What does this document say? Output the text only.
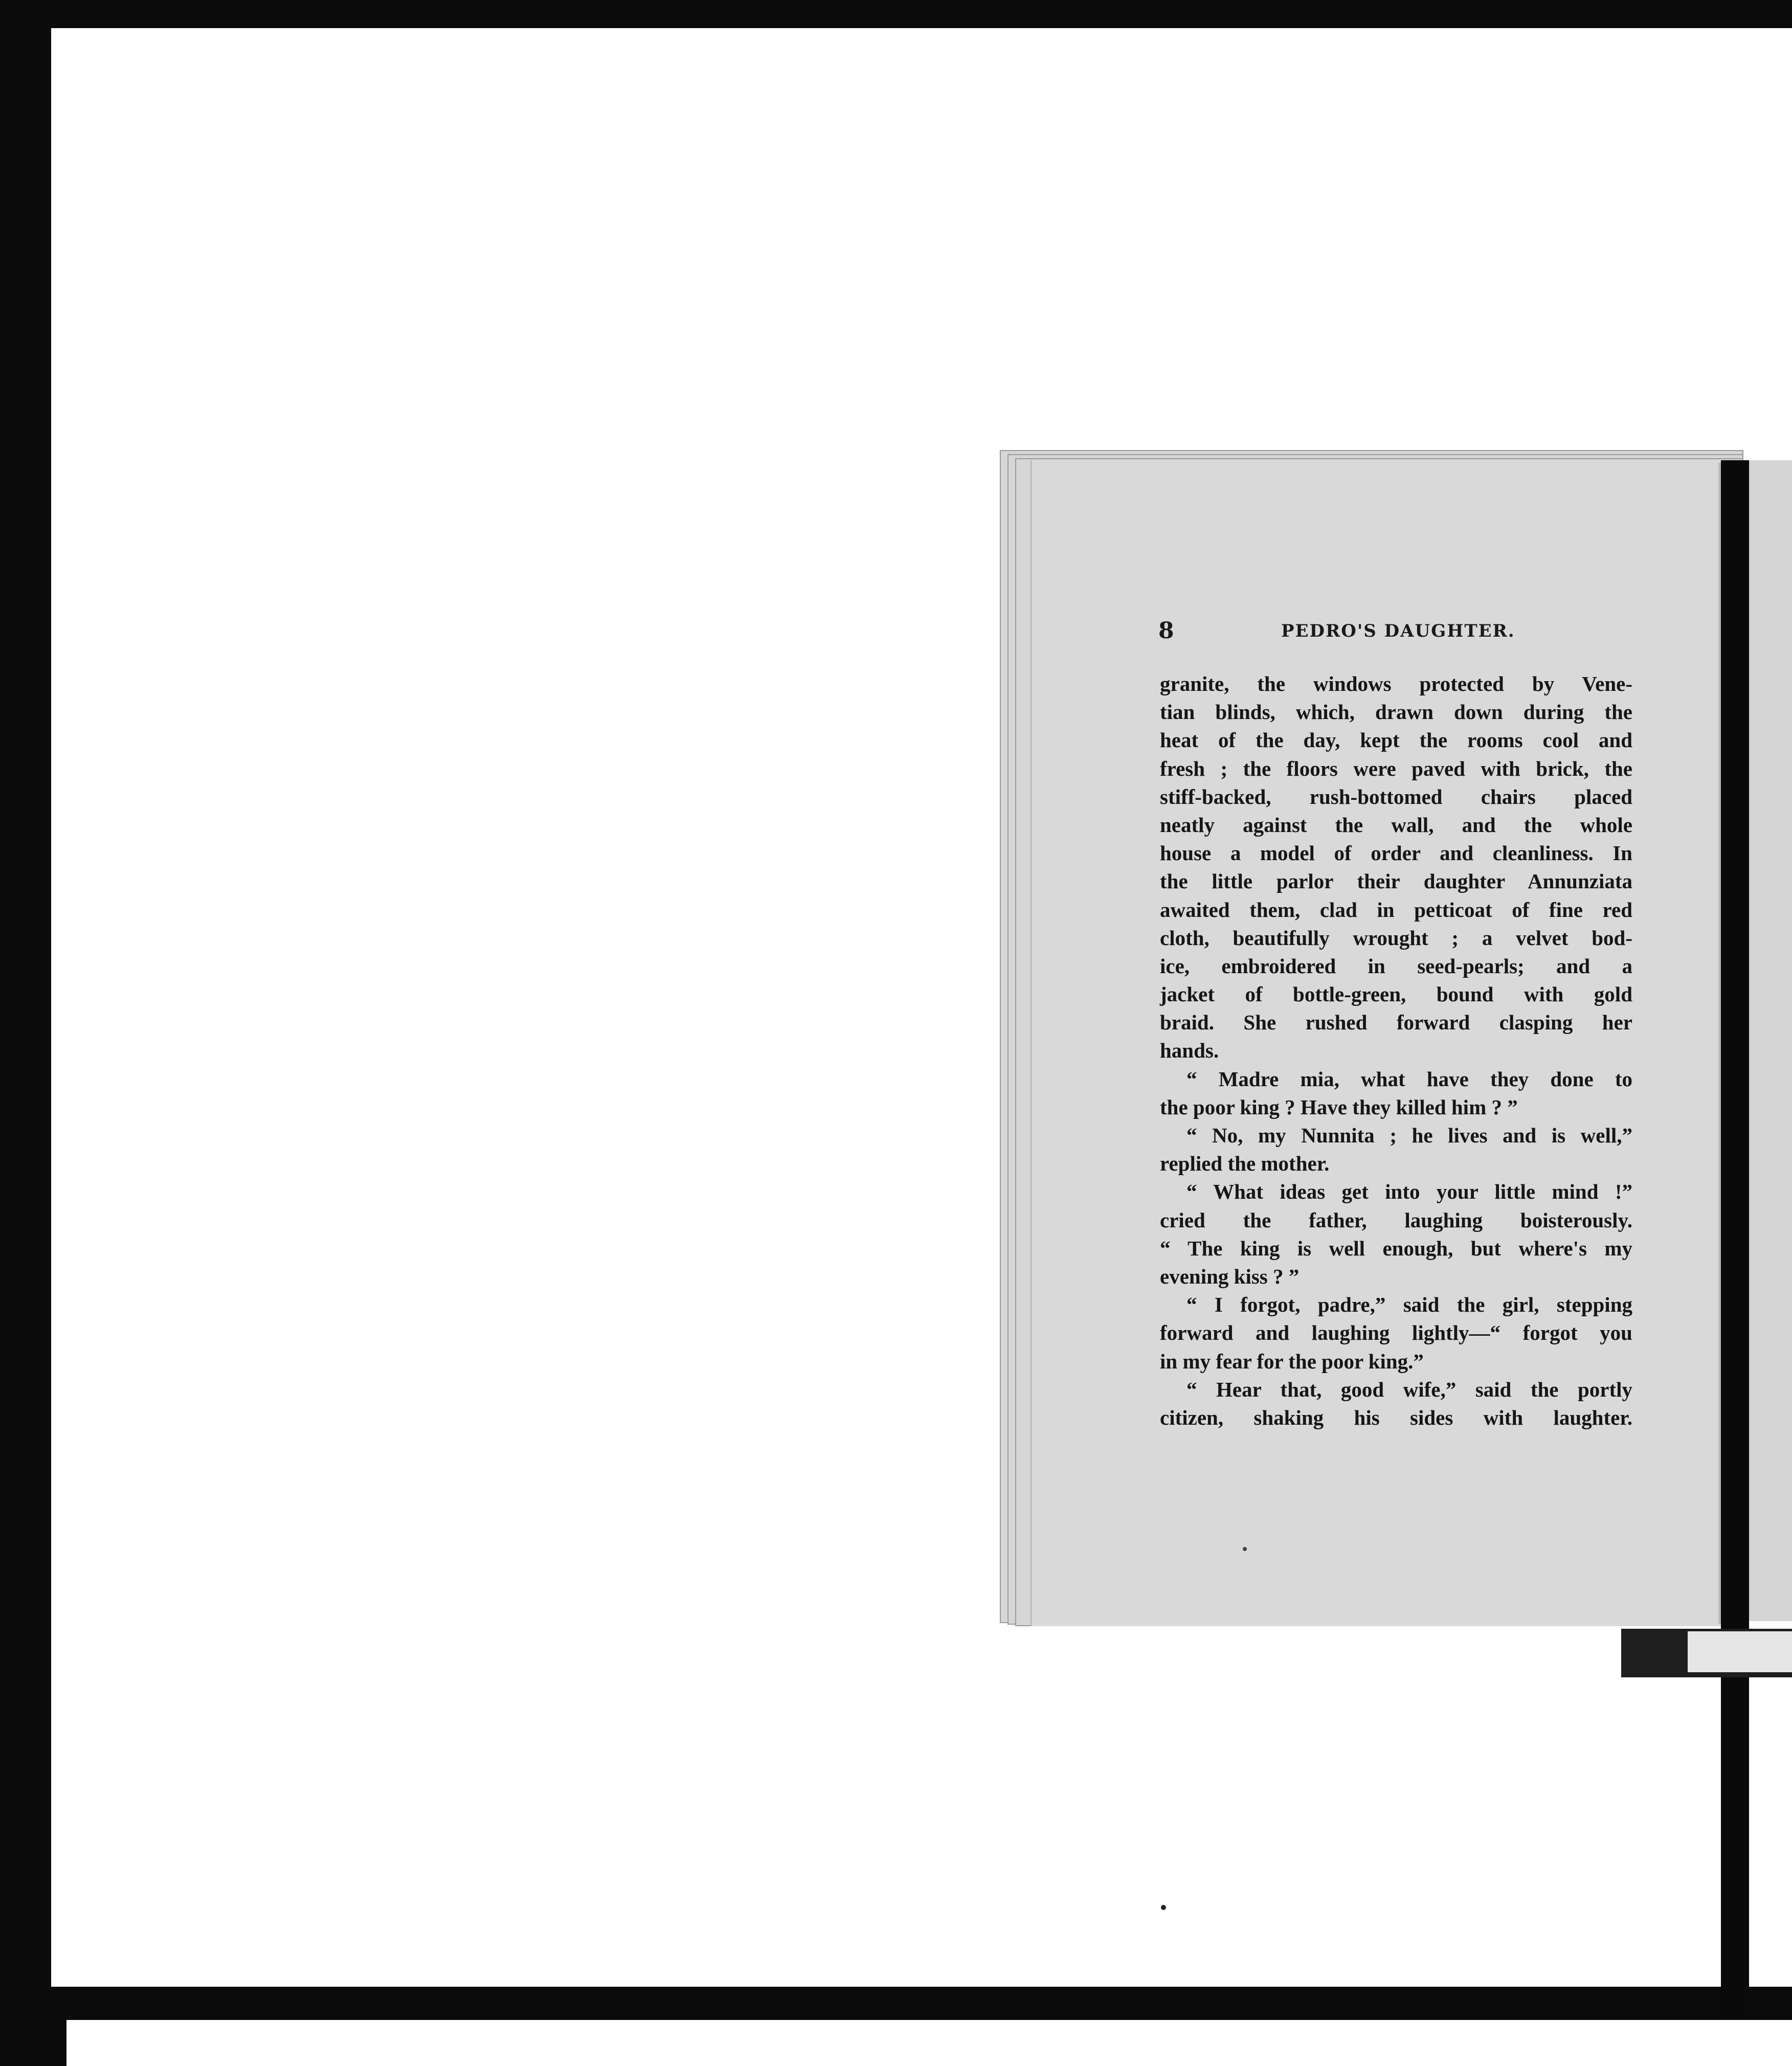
8	PEDRO'S DAUGHTER.
granite, the windows protected by Vene-
tian blinds, which, drawn down during the
heat of the day, kept the rooms cool and
fresh ; the floors were paved with brick, the
stiff-backed, rush-bottomed chairs placed
neatly against the wall, and the whole
house a model of order and cleanliness. In
the little parlor their daughter Annunziata
awaited them, clad in petticoat of fine red
cloth, beautifully wrought ; a velvet bod-
ice, embroidered in seed-pearls; and a
jacket of bottle-green, bound with gold
braid. She rushed forward clasping her
hands.
“ Madre mia, what have they done to
the poor king ? Have they killed him ? ”
“ No, my Nunnita ; he lives and is well,”
replied the mother.
“ What ideas get into your little mind !”
cried the father, laughing boisterously.
“ The king is well enough, but where's my
evening kiss ? ”
“ I forgot, padre,” said the girl, stepping
forward and laughing lightly—“ forgot you
in my fear for the poor king.”
“ Hear that, good wife,” said the portly
citizen, shaking his sides with laughter.
